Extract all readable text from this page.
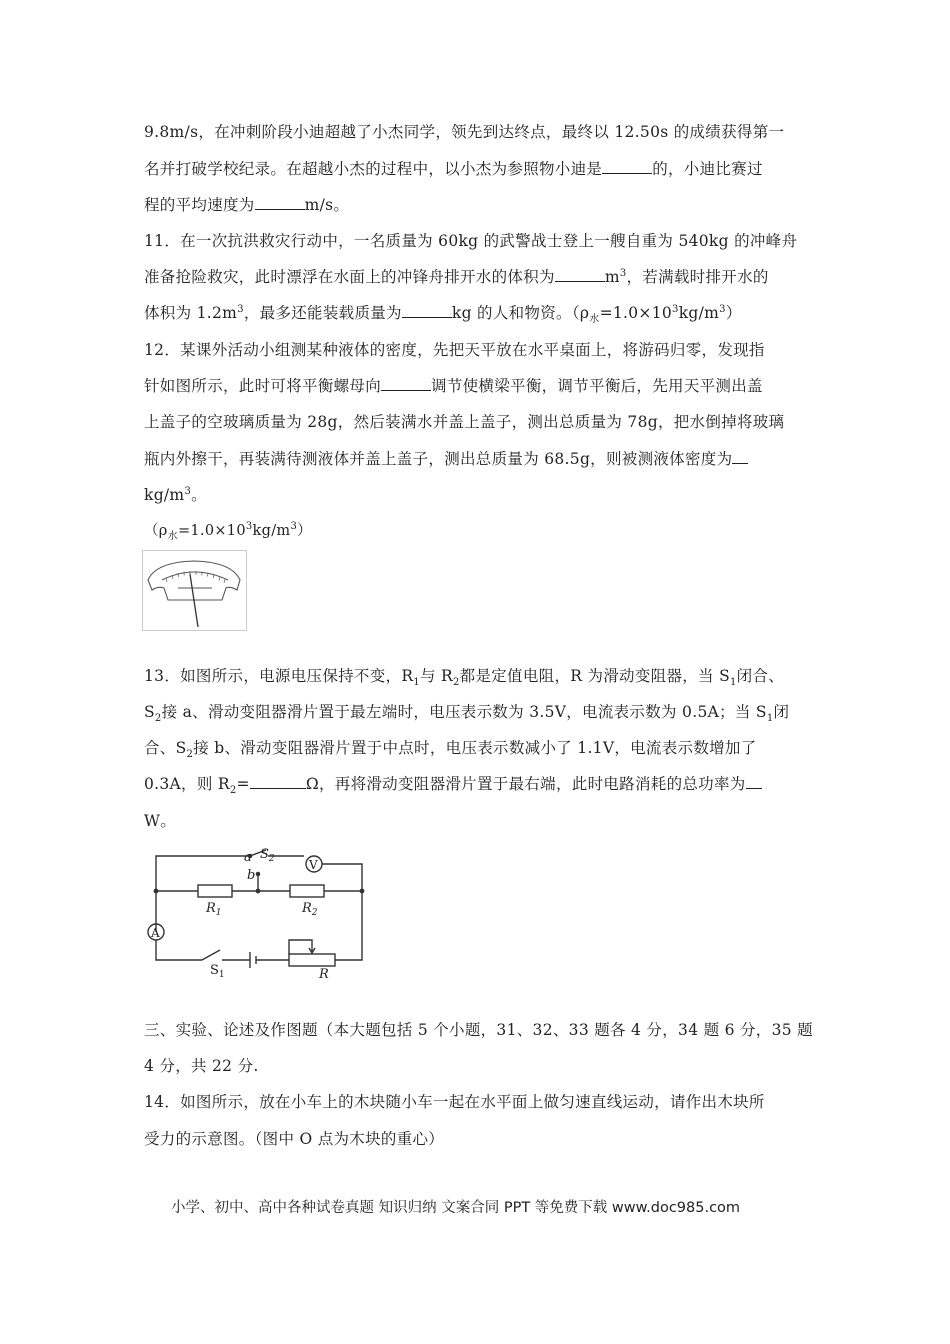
9.8m/s，在冲刺阶段小迪超越了小杰同学，领先到达终点，最终以 12.50s 的成绩获得第一
名并打破学校纪录。在超越小杰的过程中，以小杰为参照物小迪是	的，小迪比赛过
程的平均速度为	m/s。
11．在一次抗洪救灾行动中，一名质量为 60kg 的武警战士登上一艘自重为 540kg 的冲峰舟
准备抢险救灾，此时漂浮在水面上的冲锋舟排开水的体积为	$m^3$，若满载时排开水的
体积为 $1.2m^3$，最多还能装载质量为	kg 的人和物资。$(\rho_水=1.0\times 10^3kg/m^3)$
12．某课外活动小组测某种液体的密度，先把天平放在水平桌面上，将游码归零，发现指
针如图所示，此时可将平衡螺母向	调节使横梁平衡，调节平衡后，先用天平测出盖
上盖子的空玻璃质量为 28g，然后装满水并盖上盖子，测出总质量为 78g，把水倒掉将玻璃
瓶内外擦干，再装满待测液体并盖上盖子，测出总质量为 68.5g，则被测液体密度为
$kg/m^3$。
$(\rho_水=1.0\times 10^3kg/m^3)$
13．如图所示，电源电压保持不变，$R_1$与 $R_2$都是定值电阻，R 为滑动变阻器，当 $S_1$闭合、
$S_2$接 a、滑动变阻器滑片置于最左端时，电压表示数为 3.5V，电流表示数为 0.5A；当 $S_1$闭
合、$S_2$接 b、滑动变阻器滑片置于中点时，电压表示数减小了 1.1V，电流表示数增加了
0.3A，则 $R_2=$	Ω，再将滑动变阻器滑片置于最右端，此时电路消耗的总功率为
W。
a $S_2$	V
b
$R_1$	$R_2$
A
$S_1$	R
三、实验、论述及作图题（本大题包括 5 个小题，31、32、33 题各 4 分，34 题 6 分，35 题
4 分，共 22 分.
14．如图所示，放在小车上的木块随小车一起在水平面上做匀速直线运动，请作出木块所
受力的示意图。（图中 O 点为木块的重心）
小学、初中、高中各种试卷真题 知识归纳 文案合同 PPT 等免费下载 www.doc985.com
